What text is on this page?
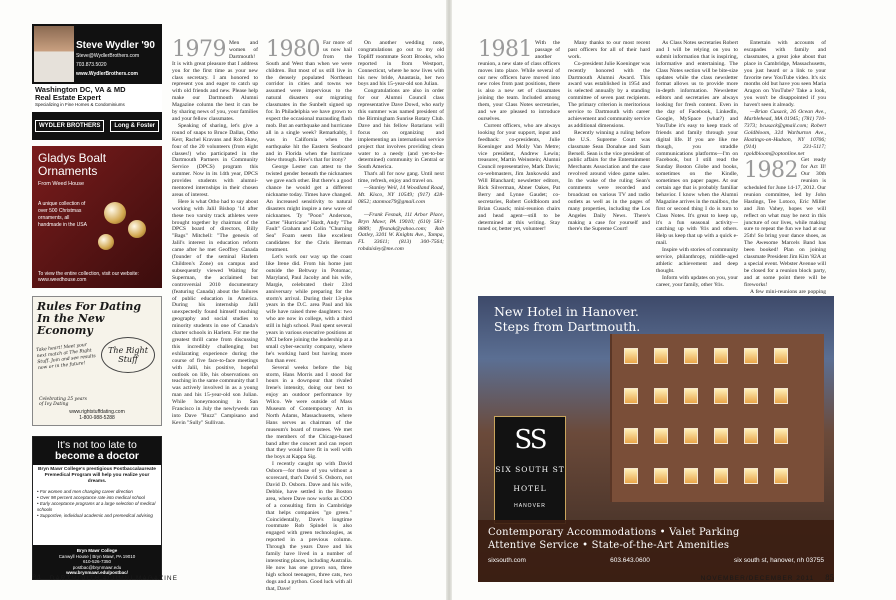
Steve Wydler '90
Steve@WydlerBrothers.com
703.873.5020
www.WydlerBrothers.com
Washington DC, VA & MD
Real Estate Expert
Specializing in Fine Homes & Condominiums
WYDLER BROTHERS	Long & Foster
Gladys Boalt Ornaments
From Weed House
A unique collection of over 500 Christmas ornaments, all handmade in the USA
To view the entire collection, visit our website: www.weedhouse.com
Rules For Dating In the New Economy
Take heart! Meet your next match at The Right Stuff. Join and see results now or in the future!
The Right Stuff
Celebrating 25 years of Ivy Dating
www.rightstuffdating.com
1-800-988-5288
It's not too late to
become a doctor
Bryn Mawr College's prestigious Postbaccalaureate Premedical Program will help you realize your dreams.
• For women and men changing career direction
• Over 98 percent acceptance rate into medical school
• Early acceptance programs at a large selection of medical schools
• Supportive, individual academic and premedical advising
Bryn Mawr College
Canwyll House | Bryn Mawr, PA 19010
610-526-7350
postbac@brynmawr.edu
www.brynmawr.edu/postbac/
1979 Men and women of Dartmouth! It is with great pleasure that I address you for the first time as your new class secretary. I am honored to represent you and eager to catch up with old friends and new. Please help make our Dartmouth Alumni Magazine column the best it can be by sharing news of you, your families and your fellow classmates.

Speaking of sharing, let's give a round of snaps to Bruce Dallas, Otho Kerr, Rachel Kravans and Rob Shaw, four of the 20 volunteers (from eight classes!) who participated in the Dartmouth Partners in Community Service (DPCS) program this summer. Now in its 14th year, DPCS provides students with alumni-mentored internships in their chosen areas of interest.

Here is what Otho had to say about working with Jalil Bishop '14 after these two varsity track athletes were brought together by chairman of the DPCS board of directors, Billy "Bags" Mitchell: "The genesis of Jalil's interest in education reform came after he met Geoffrey Canada (founder of the seminal Harlem Children's Zone) on campus and subsequently viewed Waiting for Superman, the acclaimed but controversial 2010 documentary (featuring Canada) about the failures of public education in America. During his internship Jalil unexpectedly found himself teaching geography and social studies to minority students in one of Canada's charter schools in Harlem. For me the greatest thrill came from discussing this incredibly challenging but exhilarating experience during the course of five face-to-face meetings with Jalil, his positive, hopeful outlook on life, his observations on teaching in the same community that I was actively involved in as a young man and his 15-year-old son Julian. While honeymooning in San Francisco in July the newlyweds ran into Dave "Buzz" Campisano and Kevin "Sully" Sullivan.

1980 Far more of us now hail from the South and West than when we were children. But most of us still live in the densely populated Northeast corridor in cities and towns we assumed were impervious to the natural disasters our migrating classmates in the Sunbelt signed up for. In Philadelphia we have grown to expect the occasional marauding flash mob. But an earthquake and hurricane all in a single week? Remarkably, I was in California when the earthquake hit the Eastern Seaboard and in Florida when the hurricane blew through. How's that for irony?

George Lester can attest to the twisted gender beneath the nicknames we gave each other. But there's a good chance he would get a different nickname today. Times have changed. An increased sensitivity to natural disasters might inspire a new wave of nicknames. Ty "Poon" Anderson, Carter "Hurricane" Hardt, Andy "The Fault" Graham and Colin "Churning Sea" Foam seem like excellent candidates for the Chris Berman treatment.

Let's work our way up the coast like Irene did. From his home just outside the Beltway in Potomac, Maryland, Paul Jacoby and his wife, Margie, celebrated their 23rd anniversary while preparing for the storm's arrival. During their 13-plus years in the D.C. area Paul and his wife have raised three daughters: two who are now in college, with a third still in high school. Paul spent several years in various executive positions at MCI before joining the leadership at a small cyber-security company, where he's working hard but having more fun than ever.

Several weeks before the big storm, Hans Morris and I stood for hours in a downpour that rivaled Irene's intensity, doing our best to enjoy an outdoor performance by Wilco. We were outside of Mass Museum of Contemporary Art in North Adams, Massachusetts, where Hans serves as chairman of the museum's board of trustees. We met the members of the Chicago-based band after the concert and can report that they would have fit in well with the boys at Kappa Sig.

I recently caught up with David Osborn—for those of you without a scorecard, that's David S. Osborn, not David D. Osborn. Dave and his wife, Debbie, have settled in the Boston area, where Dave now works as COO of a consulting firm in Cambridge that helps companies "go green." Coincidentally, Dave's longtime roommate Rob Spindel is also engaged with green technologies, as reported in a previous column. Through the years Dave and his family have lived in a number of interesting places, including Australia. He now has one grown son, three high school teenagers, three cats, two dogs and a python. Good luck with all that, Dave!

On another wedding note, congratulations go out to my old Topliff roommate Scott Brooks, who reported in from Westport, Connecticut, where he now lives with his new bride, Anastasia, her two boys and his 15-year-old son Julian.

Congratulations are also in order for our Alumni Council class representative Dave Dowd, who early this summer was named president of the Birmingham Sunrise Rotary Club. Dave and his fellow Rotarians will focus on organizing and implementing an international service project that involves providing clean water to a needy (and yet-to-be-determined) community in Central or South America.

That's all for now gang. Until next time, refresh, enjoy and travel on.

—Stanley Weil, 14 Woodland Road, Mt. Kisco, NY 10549; (917) 428-0852; stanmoz79@gmail.com

—Frank Fesnak, 111 Arbor Place, Bryn Mawr, PA 19010; (610) 581-8889; ffesnak@yahoo.com; Rob Oatley, 3201 W. Knights Ave., Tampa, FL 33611; (813) 300-7564; robdaisley@me.com

1981 With the passage of another reunion, a new slate of class officers moves into place. While several of our new officers have moved into new roles from past positions, there is also a new set of classmates joining the team. Included among them, your Class Notes secretaries, and we are pleased to introduce ourselves.

Current officers, who are always looking for your support, input and feedback: co-presidents, Julie Koeninger and Molly Van Metre; vice president, Andrew Lewin; treasurer, Martin Weinstein; Alumni Council representative, Mark Davis; co-webmasters, Jim Jankowski and Will Blanchard; newsletter editors, Rick Silverman, Abner Oakes, Pat Berry and Lynne Gaudet; co-secretaries, Robert Goldbloom and Brian Cusack; mini-reunion chairs and head agent—still to be determined at this writing. Stay tuned or, better yet, volunteer!

Many thanks to our most recent past officers for all of their hard work.

Co-president Julie Koeninger was recently honored with the Dartmouth Alumni Award. This award was established in 1954 and is selected annually by a standing committee of seven past recipients. The primary criterion is meritorious service to Dartmouth with career achievement and community service as additional dimensions.

Recently winning a ruling before the U.S. Supreme Court was classmate Sean Donahue and Sam Bersell. Sean is the vice president of public affairs for the Entertainment Merchants Association and the case revolved around video game sales. In the wake of the ruling Sean's comments were recorded and broadcast on various TV and radio outlets as well as in the pages of many properties, including the Los Angeles Daily News. There's making a case for yourself and there's the Supreme Court!

As Class Notes secretaries Robert and I will be relying on you to submit information that is inspiring, informative and entertaining. The Class Notes section will be bite-size updates while the class newsletter format allows us to provide more in-depth information. Newsletter editors and secretaries are always looking for fresh content. Even in the day of Facebook, LinkedIn, Google, MySpace (what?) and YouTube it's easy to keep track of friends and family through your digital life. If you are like me though, you straddle communications platforms—I'm on Facebook, but I still read the Sunday Boston Globe and books, sometimes on the Kindle, sometimes on paper pages. At our certain age that is probably familiar behavior. I know when the Alumni Magazine arrives in the mailbox, the first or second thing I do is turn to Class Notes. It's great to keep up, it's a fun seasonal activity—catching up with '81s and others. Help us keep that up with a quick e-mail.

Inspire with stories of community service, philanthropy, middle-aged athletic achievement and deep thought.

Inform with updates on you, your career, your family, other '81s.

Entertain with accounts of escapades with family and classmates, a great joke about that place in Cambridge, Massachusetts, you just heard or a link to your favorite new YouTube video. It's six months old but have you seen Maria Aragon on YouTube? Take a look, you won't be disappointed if you haven't seen it already.

—Brian Cusack, 26 Ocean Ave., Marblehead, MA 01945; (781) 710-7373; bcusack@gmail.com; Robert Goldbloom, 324 Warburton Ave., Hastings-on-Hudson, NY 10706; (914) 231-5117; rgoldbloom@optonline.net

1982 Get ready for Act II! Our 30th reunion is scheduled for June 14-17, 2012. Our reunion committee, led by John Hastings, Tee Lotoco, Eric Miller and Jim Vahey, hopes we will reflect on what may be next in this juncture of our lives, while making sure to repeat the fun we had at our 25th! So bring your dance shoes, as The Awesome Marcels Band has been booked! Plan on joining classmate President Jim Kim '82A at a special event. Webster Avenue will be closed for a reunion block party, and at some point there will be fireworks!

A few mini-reunions are popping

New Hotel in Hanover.
Steps from Dartmouth.
SS
SIX SOUTH ST
HOTEL
HANOVER
Contemporary Accommodations • Valet Parking
Attentive Service • State-of-the-Art Amenities
sixsouth.com	603.643.0600	six south st, hanover, nh 03755
84 DARTMOUTH ALUMNI MAGAZINE	NOVEMBER/DECEMBER 2011 85
